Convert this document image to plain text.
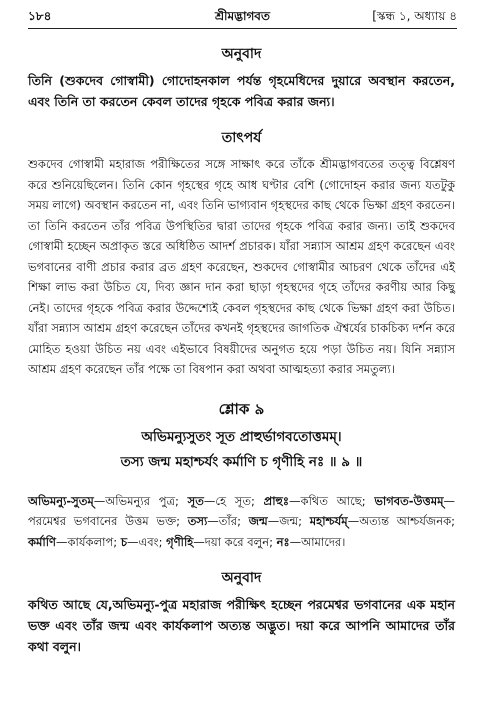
১৮৪	শ্রীমদ্ভাগবত	[স্কন্ধ ১, অধ্যায় ৪
অনুবাদ

তিনি (শুকদেব গোস্বামী) গোদোহনকাল পর্যন্ত গৃহমেধিদের দুয়ারে অবস্থান করতেন, এবং তিনি তা করতেন কেবল তাদের গৃহকে পবিত্র করার জন্য।

তাৎপর্য

শুকদেব গোস্বামী মহারাজ পরীক্ষিতের সঙ্গে সাক্ষাৎ করে তাঁকে শ্রীমদ্ভাগবতের তত্ত্ব বিশ্লেষণ করে শুনিয়েছিলেন। তিনি কোন গৃহস্থের গৃহে আধ ঘণ্টার বেশি (গোদোহন করার জন্য যতটুকু সময় লাগে) অবস্থান করতেন না, এবং তিনি ভাগ্যবান গৃহস্থদের কাছ থেকে ভিক্ষা গ্রহণ করতেন। তা তিনি করতেন তাঁর পবিত্র উপস্থিতির দ্বারা তাদের গৃহকে পবিত্র করার জন্য। তাই শুকদেব গোস্বামী হচ্ছেন অপ্রাকৃত স্তরে অধিষ্ঠিত আদর্শ প্রচারক। যাঁরা সন্ন্যাস আশ্রম গ্রহণ করেছেন এবং ভগবানের বাণী প্রচার করার ব্রত গ্রহণ করেছেন, শুকদেব গোস্বামীর আচরণ থেকে তাঁদের এই শিক্ষা লাভ করা উচিত যে, দিব্য জ্ঞান দান করা ছাড়া গৃহস্থদের গৃহে তাঁদের করণীয় আর কিছু নেই। তাদের গৃহকে পবিত্র করার উদ্দেশ্যেই কেবল গৃহস্থদের কাছ থেকে ভিক্ষা গ্রহণ করা উচিত। যাঁরা সন্ন্যাস আশ্রম গ্রহণ করেছেন তাঁদের কখনই গৃহস্থদের জাগতিক ঐশ্বর্যের চাকচিক্য দর্শন করে মোহিত হওয়া উচিত নয় এবং এইভাবে বিষয়ীদের অনুগত হয়ে পড়া উচিত নয়। যিনি সন্ন্যাস আশ্রম গ্রহণ করেছেন তাঁর পক্ষে তা বিষপান করা অথবা আত্মহত্যা করার সমতুল্য।

শ্লোক ৯
অভিমন্যুসুতং সূত প্রাহুর্ভাগবতোত্তমম্।
তস্য জন্ম মহাশ্চর্যং কর্মাণি চ গৃণীহি নঃ ॥ ৯ ॥

অভিমন্যু-সুতম্—অভিমন্যুর পুত্র; সূত—হে সূত; প্রাহুঃ—কথিত আছে; ভাগবত-উত্তমম্—পরমেশ্বর ভগবানের উত্তম ভক্ত; তস্য—তাঁর; জন্ম—জন্ম; মহাশ্চর্যম্—অত্যন্ত আশ্চর্যজনক; কর্মাণি—কার্যকলাপ; চ—এবং; গৃণীহি—দয়া করে বলুন; নঃ—আমাদের।

অনুবাদ

কথিত আছে যে,অভিমন্যু-পুত্র মহারাজ পরীক্ষিৎ হচ্ছেন পরমেশ্বর ভগবানের এক মহান ভক্ত এবং তাঁর জন্ম এবং কার্যকলাপ অত্যন্ত অদ্ভুত। দয়া করে আপনি আমাদের তাঁর কথা বলুন।
